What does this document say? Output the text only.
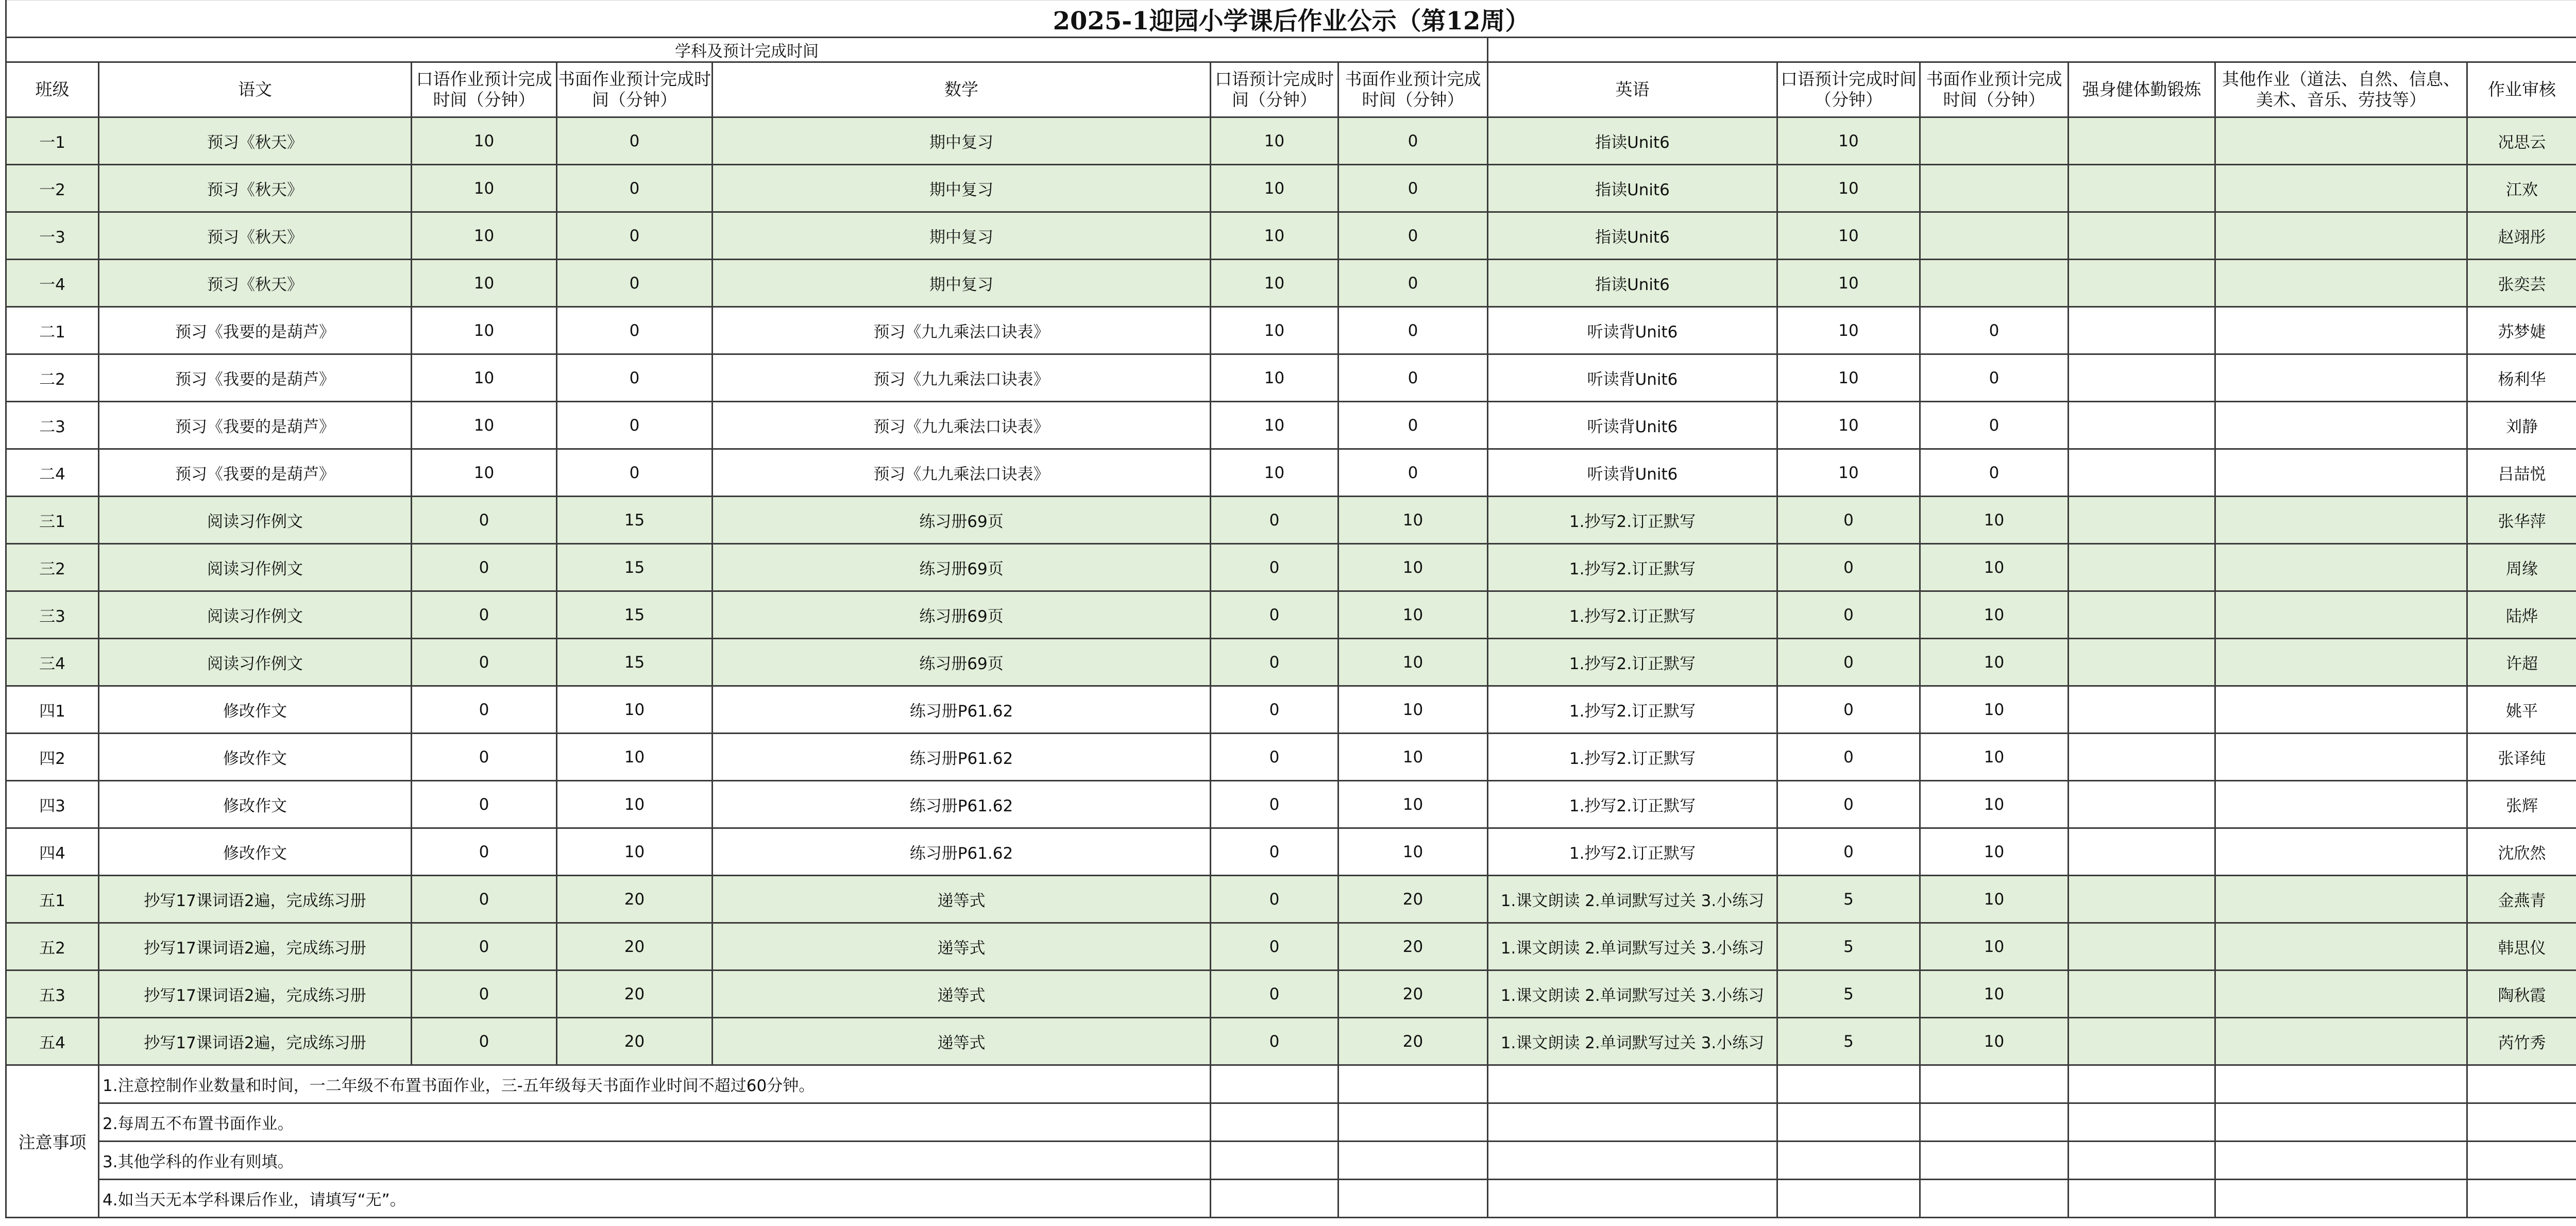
2025-1迎园小学课后作业公示（第12周）												
学科及预计完成时间												
班级	语文	口语作业预计完成时间（分钟）	书面作业预计完成时间（分钟）	数学	口语预计完成时间（分钟）	书面作业预计完成时间（分钟）	英语	口语预计完成时间（分钟）	书面作业预计完成时间（分钟）	强身健体勤锻炼	其他作业（道法、自然、信息、美术、音乐、劳技等）	作业审核
一1	预习《秋天》	10	0	期中复习	10	0	指读Unit6	10				况思云
一2	预习《秋天》	10	0	期中复习	10	0	指读Unit6	10				江欢
一3	预习《秋天》	10	0	期中复习	10	0	指读Unit6	10				赵翊彤
一4	预习《秋天》	10	0	期中复习	10	0	指读Unit6	10				张奕芸
二1	预习《我要的是葫芦》	10	0	预习《九九乘法口诀表》	10	0	听读背Unit6	10	0			苏梦婕
二2	预习《我要的是葫芦》	10	0	预习《九九乘法口诀表》	10	0	听读背Unit6	10	0			杨利华
二3	预习《我要的是葫芦》	10	0	预习《九九乘法口诀表》	10	0	听读背Unit6	10	0			刘静
二4	预习《我要的是葫芦》	10	0	预习《九九乘法口诀表》	10	0	听读背Unit6	10	0			吕喆悦
三1	阅读习作例文	0	15	练习册69页	0	10	1.抄写2.订正默写	0	10			张华萍
三2	阅读习作例文	0	15	练习册69页	0	10	1.抄写2.订正默写	0	10			周缘
三3	阅读习作例文	0	15	练习册69页	0	10	1.抄写2.订正默写	0	10			陆烨
三4	阅读习作例文	0	15	练习册69页	0	10	1.抄写2.订正默写	0	10			许超
四1	修改作文	0	10	练习册P61.62	0	10	1.抄写2.订正默写	0	10			姚平
四2	修改作文	0	10	练习册P61.62	0	10	1.抄写2.订正默写	0	10			张译纯
四3	修改作文	0	10	练习册P61.62	0	10	1.抄写2.订正默写	0	10			张辉
四4	修改作文	0	10	练习册P61.62	0	10	1.抄写2.订正默写	0	10			沈欣然
五1	抄写17课词语2遍，完成练习册	0	20	递等式	0	20	1.课文朗读 2.单词默写过关 3.小练习	5	10			金燕青
五2	抄写17课词语2遍，完成练习册	0	20	递等式	0	20	1.课文朗读 2.单词默写过关 3.小练习	5	10			韩思仪
五3	抄写17课词语2遍，完成练习册	0	20	递等式	0	20	1.课文朗读 2.单词默写过关 3.小练习	5	10			陶秋霞
五4	抄写17课词语2遍，完成练习册	0	20	递等式	0	20	1.课文朗读 2.单词默写过关 3.小练习	5	10			芮竹秀
注意事项	1.注意控制作业数量和时间，一二年级不布置书面作业，三-五年级每天书面作业时间不超过60分钟。											
	2.每周五不布置书面作业。											
	3.其他学科的作业有则填。											
	4.如当天无本学科课后作业，请填写“无”。											
